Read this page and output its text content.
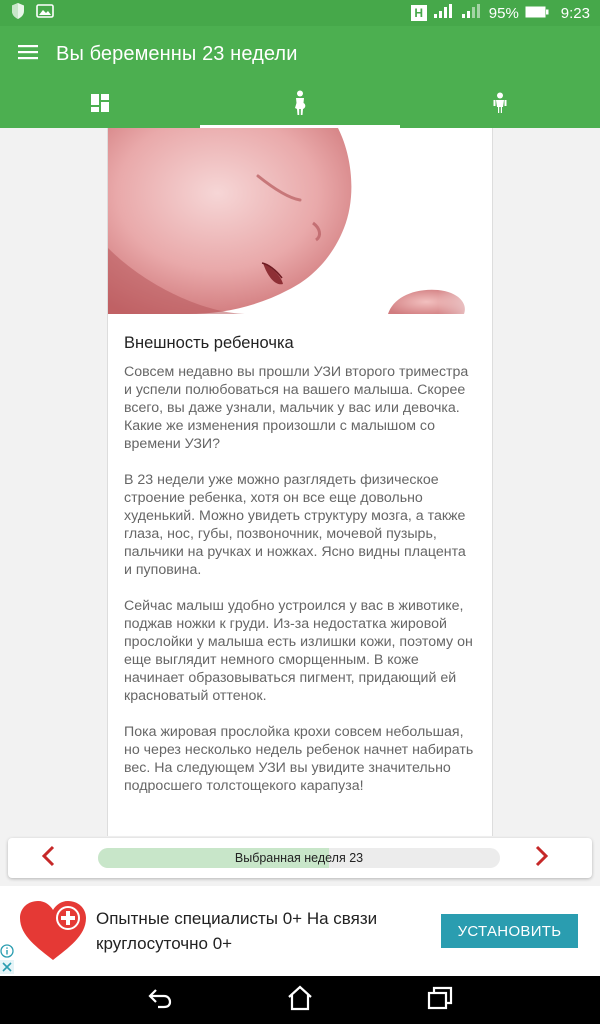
H	95%	9:23
Вы беременны 23 недели
Внешность ребеночка

Совсем недавно вы прошли УЗИ второго триместра и успели полюбоваться на вашего малыша. Скорее всего, вы даже узнали, мальчик у вас или девочка. Какие же изменения произошли с малышом со времени УЗИ?

В 23 недели уже можно разглядеть физическое строение ребенка, хотя он все еще довольно худенький. Можно увидеть структуру мозга, а также глаза, нос, губы, позвоночник, мочевой пузырь, пальчики на ручках и ножках. Ясно видны плацента и пуповина.

Сейчас малыш удобно устроился у вас в животике, поджав ножки к груди. Из-за недостатка жировой прослойки у малыша есть излишки кожи, поэтому он еще выглядит немного сморщенным. В коже начинает образовываться пигмент, придающий ей красноватый оттенок.

Пока жировая прослойка крохи совсем небольшая, но через несколько недель ребенок начнет набирать вес. На следующем УЗИ вы увидите значительно подросшего толстощекого карапуза!

Выбранная неделя 23
Опытные специалисты 0+ На связи круглосуточно 0+
УСТАНОВИТЬ
